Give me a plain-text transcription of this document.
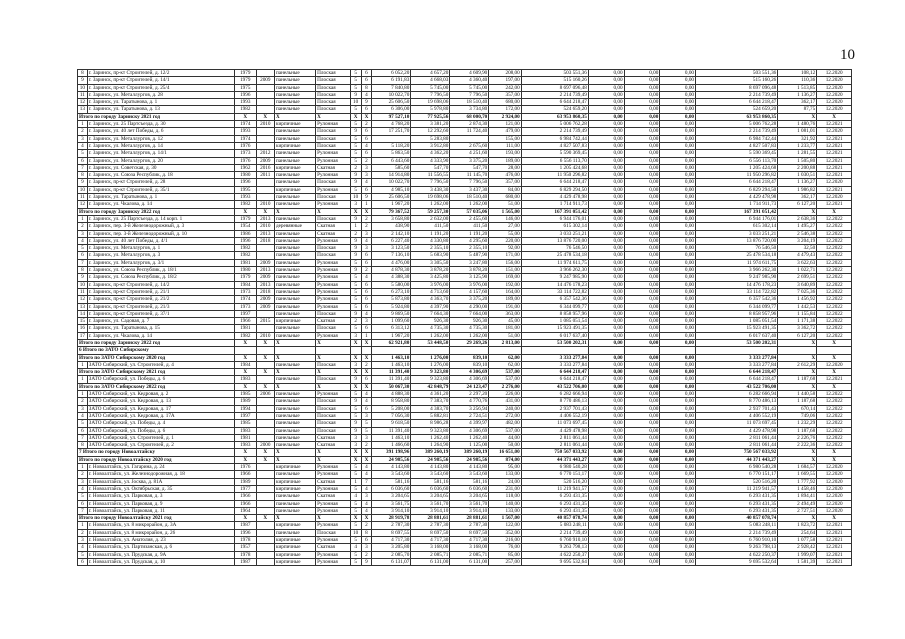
10
8	г. Заринск, пр-кт Строителей, д. 12/2	1979		панельные	Плоская	5	6	6 052,20	4 657,20	4 609,90	208,00	503 551,36	0,00	0,00	0,00	503 551,36	108,12	12.2020
9	г. Заринск, пр-кт Строителей, д. 14/1	1979	2009	панельные	Плоская	5	6	6 191,83	4 668,03	4 360,40	197,00	515 160,26	0,00	0,00	0,00	515 160,26	110,36	12.2020
10	г. Заринск, пр-кт Строителей, д. 25/4	1975		панельные	Плоская	5	8	7 840,80	5 745,00	5 745,00	242,00	8 697 096,48	0,00	0,00	0,00	8 697 096,48	1 513,85	12.2020
11	г. Заринск, ул. Металлургов, д. 28	1996		панельные	Плоская	9	4	10 022,70	7 796,50	7 796,50	357,00	2 214 739,49	0,00	0,00	0,00	2 214 739,49	1 136,27	12.2020
12	г. Заринск, ул. Таратынова, д. 1	1993		панельные	Плоская	10	9	25 606,50	19 698,06	18 510,40	680,00	6 644 218,47	0,00	0,00	0,00	6 644 218,47	362,17	12.2020
13	г. Заринск, ул. Таратынова, д. 13	1982		панельные	Плоская	5	6	6 306,00	5 978,80	3 734,80	172,00	524 659,20	0,00	0,00	0,00	524 659,20	87,75	12.2020
Итого по городу Заринску 2021 год		X	X	X	X	X	X	97 527,10	77 925,56	68 000,70	2 924,00	63 953 860,35	0,00	0,00	0,00	63 953 860,35	X	X
1	г. Заринск, ул. 25 Партсъезда, д. 30	1974	2010	кирпичные	Рулонная	5	2	4 768,20	3 381,20	2 874,30	121,00	5 006 762,28	0,00	0,00	0,00	5 006 762,28	1 480,76	12.2021
2	г. Заринск, ул. 40 лет Победы, д. 6	1993		панельные	Плоская	9	6	17 251,70	12 292,60	11 724,40	479,00	2 214 739,49	0,00	0,00	0,00	2 214 739,49	1 081,01	12.2020
3	г. Заринск, ул. Металлургов, д. 12	1974		панельные	Плоская	5	6		5 283,80		155,00	6 984 742,44	0,00	0,00	0,00	6 984 742,44	321,92	12.2021
4	г. Заринск, ул. Металлургов, д. 14	1976		кирпичные	Плоская	5	4	5 118,20	3 912,80	2 675,60	111,00	4 827 507,83	0,00	0,00	0,00	4 827 507,83	1 233,77	12.2021
5	г. Заринск, ул. Металлургов, д. 14/1	1973	2012	панельные	Рулонная	5	6	5 863,50	4 362,20	4 251,60	193,00	5 590 369,45	0,00	0,00	0,00	5 590 369,45	1 281,55	12.2021
6	г. Заринск, ул. Металлургов, д. 20	1976	2009	панельные	Рулонная	5	2	6 443,60	4 333,90	3 375,20	189,00	6 556 113,70	0,00	0,00	0,00	6 556 113,70	1 505,80	12.2021
7	г. Заринск, ул. Советская, д. 30	1962	2016	кирпичные	Скатная	2	3	585,60	547,70	547,70	28,00	1 205 424,68	0,00	0,00	0,00	1 205 424,68	2 200,88	12.2021
8	г. Заринск, ул. Союза Республик, д. 18	1980	2011	панельные	Рулонная	9	3	14 914,80	11 556,55	11 145,70	476,00	11 950 296,82	0,00	0,00	0,00	11 950 296,82	1 030,51	12.2021
9	г. Заринск, пр-кт Строителей, д. 28	1996		панельные	Плоская	9	4	10 022,70	7 796,50	7 796,50	357,00	6 644 218,47	0,00	0,00	0,00	6 644 218,47	1 136,27	12.2020
10	г. Заринск, пр-кт Строителей, д. 35/1	1995		кирпичные	Рулонная	5	6	4 985,10	3 438,30	3 437,30	84,00	6 829 294,50	0,00	0,00	0,00	6 829 294,50	1 986,82	12.2021
11	г. Заринск, ул. Таратынова, д. 1	1993		панельные	Плоская	10	9	25 606,50	19 698,06	18 510,40	680,00	4 429 478,98	0,00	0,00	0,00	4 429 478,98	362,17	12.2020
12	г. Заринск, ул. Чкалова, д. 14	1982	2010	панельные	Рулонная	3	1	1 967,20	1 262,00	1 262,00	51,00	1 714 911,73	0,00	0,00	0,00	1 714 911,73	6 127,20	12.2021
Итого по городу Заринску 2022 год		X	X	X	X	X	X	79 367,52	59 257,30	57 035,06	1 565,00	167 391 051,42	0,00	0,00	0,00	167 391 051,42	X	X
1	г. Заринск, ул. 25 Партсъезда, д. 14 корп. 1	1979	2013	панельные	Плоская	9	2	3 658,80	2 632,00	2 455,60	146,00	6 944 176,01	0,00	0,00	0,00	6 944 176,01	2 638,36	12.2022
2	г. Заринск, пер. 3-й Железнодорожный, д. 3	1954	2010	деревянные	Скатная	1	2	438,90	411,50	411,50	27,00	615 302,14	0,00	0,00	0,00	615 302,14	1 495,27	12.2022
3	г. Заринск, пер. 3-й Железнодорожный, д. 10	1986	2013	панельные	Скатная	2	3	2 142,10	1 191,20	1 191,20	55,00	3 033 251,21	0,00	0,00	0,00	3 033 251,21	2 546,38	12.2022
4	г. Заринск, ул. 40 лет Победы, д. 4/1	1996	2018	панельные	Рулонная	9	4	6 227,40	4 330,80	4 295,60	220,00	13 876 720,00	0,00	0,00	0,00	13 876 720,00	3 204,19	12.2022
5	г. Заринск, ул. Металлургов, д. 1	1982		панельные	Плоская	9	3	3 123,50	2 355,10	2 355,10	92,00	76 546,50	0,00	0,00	0,00	76 546,50	32,50	12.2022
6	г. Заринск, ул. Металлургов, д. 3	1982		панельные	Плоская	9	6	7 136,10	5 683,90	5 487,90	171,00	25 478 534,18	0,00	0,00	0,00	25 478 534,18	4 479,43	12.2022
7	г. Заринск, ул. Металлургов, д. 3/1	1981	2009	панельные	Рулонная	5	6	4 476,00	3 305,50	3 247,80	156,00	11 974 611,75	0,00	0,00	0,00	11 974 611,75	3 622,63	12.2022
8	г. Заринск, ул. Союза Республик, д. 18/1	1980	2013	панельные	Рулонная	9	2	4 878,30	3 878,20	3 878,20	151,00	3 966 262,30	0,00	0,00	0,00	3 966 262,30	1 022,71	12.2022
9	г. Заринск, ул. Союза Республик, д. 18/2	1979	2009	панельные	Рулонная	5	4	4 388,30	3 425,80	3 125,90	169,00	9 247 985,90	0,00	0,00	0,00	9 247 985,90	2 699,51	12.2022
10	г. Заринск, пр-кт Строителей, д. 14/2	1984	2013	панельные	Рулонная	5	6	5 580,00	3 976,00	3 976,00	192,00	14 476 178,23	0,00	0,00	0,00	14 476 178,23	3 640,89	12.2022
11	г. Заринск, пр-кт Строителей, д. 21/1	1973	2018	панельные	Рулонная	5	6	6 273,10	4 713,60	4 157,60	164,00	33 114 722,82	0,00	0,00	0,00	33 114 722,82	7 025,36	12.2022
12	г. Заринск, пр-кт Строителей, д. 21/2	1974	2009	панельные	Рулонная	5	6	5 873,80	4 363,70	3 375,20	189,00	6 357 542,36	0,00	0,00	0,00	6 357 542,36	1 456,92	12.2022
13	г. Заринск, пр-кт Строителей, д. 21/3	1973	2009	панельные	Рулонная	5	6	5 924,80	4 397,90	4 290,00	191,00	6 344 099,77	0,00	0,00	0,00	6 344 099,77	1 442,53	12.2022
14	г. Заринск, пр-кт Строителей, д. 37/1	1997		панельные	Плоская	9	4	9 869,50	7 664,30	7 664,00	363,00	8 858 957,96	0,00	0,00	0,00	8 858 957,96	1 155,84	12.2022
15	г. Заринск, ул. Садовая, д. 7	1966	2015	кирпичные	Скатная	2	3	1 099,60	926,30	926,30	45,00	1 085 051,54	0,00	0,00	0,00	1 085 051,54	1 171,38	12.2022
16	г. Заринск, ул. Таратынова, д. 15	1981		панельные	Плоская	5	6	6 313,12	4 735,30	4 735,30	181,00	15 923 491,35	0,00	0,00	0,00	15 923 491,35	3 362,72	12.2022
17	г. Заринск, ул. Чкалова, д. 14	1982	2010	панельные	Рулонная	3	1	1 967,20	1 262,00	1 262,00	51,00	6 017 637,40	0,00	0,00	0,00	6 017 637,40	6 127,20	12.2022
Итого по городу Заринску 2022 год		X	X	X	X	X	X	62 921,80	53 448,50	29 269,26	2 813,00	53 500 202,31	0,00	0,00	0,00	53 500 202,31	X	X
6 Итого по ЗАТО Сибирскому																		
Итого по ЗАТО Сибирскому 2020 год		X	X	X	X	X	X	1 463,10	1 276,00	839,10	62,00	3 333 277,84	0,00	0,00	0,00	3 333 277,84	X	X
1	ЗАТО Сибирский, ул. Строителей, д. 4	1984		панельные	Плоская	3	2	1 463,10	1 276,00	839,10	62,00	3 333 277,84	0,00	0,00	0,00	3 333 277,84	2 612,29	12.2020
Итого по ЗАТО Сибирскому 2021 год		X	X	X	X	X	X	11 391,40	9 323,80	4 306,69	537,00	6 644 218,47	0,00	0,00	0,00	6 644 218,47	X	X
1	ЗАТО Сибирский, ул. Победы, д. 6	1983		панельные	Плоская	9	6	11 391,40	9 323,80	4 306,69	537,00	6 644 218,47	0,00	0,00	0,00	6 644 218,47	1 187,68	12.2021
Итого по ЗАТО Сибирскому 2022 год		X	X	X	X	X	X	50 067,30	42 848,79	24 123,47	2 276,00	43 522 706,00	0,00	0,00	0,00	43 522 706,00	X	X
1	ЗАТО Сибирский, ул. Кедровая, д. 2	1985	2006	панельные	Рулонная	5	4	4 888,30	4 361,20	2 297,20	226,00	6 282 666,94	0,00	0,00	0,00	6 282 666,94	1 440,58	12.2022
2	ЗАТО Сибирский, ул. Кедровая, д. 13	1989		панельные	Плоская	9	4	8 958,80	7 383,70	4 770,76	431,00	8 770 486,13	0,00	0,00	0,00	8 770 486,13	1 187,68	12.2022
3	ЗАТО Сибирский, ул. Кедровая, д. 17	1994		панельные	Плоская	5	6	5 208,00	4 383,70	3 256,94	240,00	2 937 701,43	0,00	0,00	0,00	2 937 701,43	670,14	12.2022
4	ЗАТО Сибирский, ул. Кедровая, д. 17А	1997		панельные	Плоская	5	3	7 056,30	5 882,81	2 724,51	272,00	4 406 552,19	0,00	0,00	0,00	4 406 552,19	749,06	12.2022
5	ЗАТО Сибирский, ул. Победы, д. 4	1985		панельные	Плоская	9	5	9 618,50	8 986,28	4 399,97	482,00	11 073 697,45	0,00	0,00	0,00	11 073 697,45	1 232,29	12.2022
6	ЗАТО Сибирский, ул. Победы, д. 6	1983		панельные	Плоская	9	5	11 391,40	9 323,80	4 306,69	537,00	4 429 478,98	0,00	0,00	0,00	4 429 478,98	1 187,68	12.2022
7	ЗАТО Сибирский, ул. Строителей, д. 1	1981		панельные	Скатная	3	3	1 463,10	1 262,40	1 262,40	44,00	2 811 061,44	0,00	0,00	0,00	2 811 061,44	2 226,76	12.2022
8	ЗАТО Сибирский, ул. Строителей, д. 2	1983	2000	панельные	Скатная	3	2	1 466,60	1 264,90	1 125,00	50,00	2 811 061,44	0,00	0,00	0,00	2 811 061,44	2 222,36	12.2022
7 Итого по городу Новоалтайску		X	X	X	X	X	X	391 198,96	389 260,19	389 260,19	16 651,00	750 567 033,92	0,00	0,00	0,00	750 567 033,92	X	X
Итого по городу Новоалтайску 2020 год		X	X	X	X	X	X	24 985,56	24 985,56	24 985,56	874,00	44 371 443,27	0,00	0,00	0,00	44 371 443,27	X	X
1	г. Новоалтайск, ул. Гагарина, д. 24	1976		кирпичные	Рулонная	5	4	4 143,80	4 143,80	4 143,80	95,00	6 980 540,28	0,00	0,00	0,00	6 980 540,28	1 684,57	12.2020
2	г. Новоалтайск, ул. Железнодорожная, д. 18	1966		панельные	Рулонная	5	4	3 543,60	3 543,60	3 543,60	133,00	6 770 151,17	0,00	0,00	0,00	6 770 151,17	1 669,55	12.2020
3	г. Новоалтайск, ул. Joсква, д. 81А	1989		кирпичные	Скатная	1	7	581,16	581,16	581,16	24,00	520 516,20	0,00	0,00	0,00	520 516,20	1 777,92	12.2020
4	г. Новоалтайск, ул. Октябрьская, д. 35	1977		кирпичные	Рулонная	5	4	6 036,60	6 036,60	6 036,60	231,00	11 219 941,57	0,00	0,00	0,00	11 219 941,57	1 458,46	12.2020
5	г. Новоалтайск, ул. Парковая, д. 3	1966		панельные	Скатная	4	3	3 204,65	3 204,65	3 204,65	118,00	6 293 431,35	0,00	0,00	0,00	6 293 431,35	1 894,41	12.2020
6	г. Новоалтайск, ул. Парковая, д. 9	1966		панельные	Рулонная	5	4	3 561,75	3 561,70	3 561,70	140,00	6 293 431,35	0,00	0,00	0,00	6 293 431,35	2 494,49	12.2020
7	г. Новоалтайск, ул. Парковая, д. 11	1964		панельные	Рулонная	5	4	3 914,10	3 914,10	3 914,10	133,00	6 293 431,35	0,00	0,00	0,00	6 293 431,35	2 727,51	12.2020
Итого по городу Новоалтайску 2021 год		X	X	X	X	X	X	28 919,78	28 881,61	28 881,61	1 567,00	40 857 078,74	0,00	0,00	0,00	40 857 078,74	X	X
1	г. Новоалтайск, ул. 8 микрорайон, д. 3А	1987		кирпичные	Рулонная	5	2	2 787,30	2 787,30	2 787,30	122,00	5 083 248,11	0,00	0,00	0,00	5 083 248,11	1 823,72	12.2021
2	г. Новоалтайск, ул. 8 микрорайон, д. 26	1996		панельные	Плоская	10	8	8 697,55	8 697,50	8 697,50	352,00	2 214 739,49	0,00	0,00	0,00	2 214 739,49	254,64	12.2021
3	г. Новоалтайск, ул. Анатолия, д. 23	1978		кирпичные	Рулонная	5	6	4 717,30	4 717,30	4 717,30	216,00	6 760 910,10	0,00	0,00	0,00	6 760 910,10	1 077,58	12.2021
4	г. Новоалтайск, ул. Партизанская, д. 6	1957		кирпичные	Скатная	4	3	3 205,80	3 168,00	3 168,00	76,00	9 263 798,13	0,00	0,00	0,00	9 263 798,13	2 928,42	12.2021
5	г. Новоалтайск, ул. Прудская, д. 9А	1978		кирпичные	Рулонная	5	2	2 085,70	2 085,71	2 085,71	85,00	4 622 250,37	0,00	0,00	0,00	4 622 250,37	1 999,07	12.2021
6	г. Новоалтайск, ул. Прудская, д. 10	1987		кирпичные	Рулонная	5	9	6 131,07	6 131,00	6 131,00	257,00	9 695 532,64	0,00	0,00	0,00	9 695 532,64	1 581,39	12.2021
